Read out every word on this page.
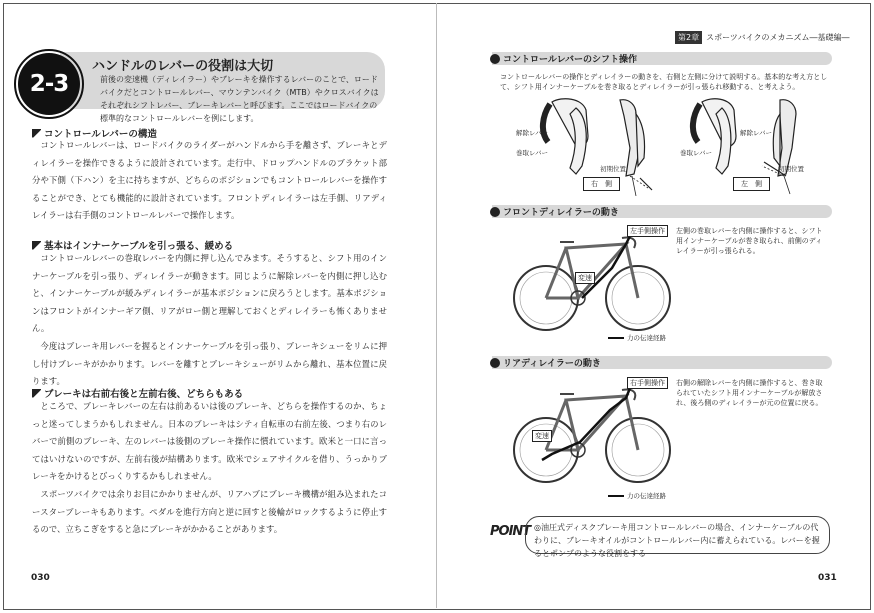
第2章 スポーツバイクのメカニズム―基礎編―
2-3
ハンドルのレバーの役割は大切
前後の変速機（ディレイラー）やブレーキを操作するレバーのことで、ロードバイクだとコントロールレバー、マウンテンバイク（MTB）やクロスバイクはそれぞれシフトレバー、ブレーキレバーと呼びます。ここではロードバイクの標準的なコントロールレバーを例にします。
コントロールレバーの構造

コントロールレバーは、ロードバイクのライダーがハンドルから手を離さず、ブレーキとディレイラーを操作できるように設計されています。走行中、ドロップハンドルのブラケット部分や下側（下ハン）を主に持ちますが、どちらのポジションでもコントロールレバーを操作することができ、とても機能的に設計されています。フロントディレイラーは左手側、リアディレイラーは右手側のコントロールレバーで操作します。

基本はインナーケーブルを引っ張る、緩める

コントロールレバーの巻取レバーを内側に押し込んでみます。そうすると、シフト用のインナーケーブルを引っ張り、ディレイラーが動きます。同じように解除レバーを内側に押し込むと、インナーケーブルが緩みディレイラーが基本ポジションに戻ろうとします。基本ポジションはフロントがインナーギア側、リアがロー側と理解しておくとディレイラーも怖くありません。

今度はブレーキ用レバーを握るとインナーケーブルを引っ張り、ブレーキシューをリムに押し付けブレーキがかかります。レバーを離すとブレーキシューがリムから離れ、基本位置に戻ります。

ブレーキは右前右後と左前右後、どちらもある

ところで、ブレーキレバーの左右は前あるいは後のブレーキ、どちらを操作するのか、ちょっと迷ってしまうかもしれません。日本のブレーキはシティ自転車の右前左後、つまり右のレバーで前側のブレーキ、左のレバーは後側のブレーキ操作に慣れています。欧米と一口に言ってはいけないのですが、左前右後が結構あります。欧米でシェアサイクルを借り、うっかりブレーキをかけるとびっくりするかもしれません。

スポーツバイクでは余りお目にかかりませんが、リアハブにブレーキ機構が組み込まれたコースターブレーキもあります。ペダルを進行方向と逆に回すと後輪がロックするように停止するので、立ちこぎをすると急にブレーキがかかることがあります。

030
コントロールレバーのシフト操作
コントロールレバーの操作とディレイラーの動きを、右側と左側に分けて説明する。基本的な考え方として、シフト用インナーケーブルを巻き取るとディレイラーが引っ張られ移動する、と考えよう。
解除レバー
巻取レバー
初期位置
右　側
解除レバー
巻取レバー
初期位置
左　側
フロントディレイラーの動き
左手側操作
変速
左側の巻取レバーを内側に操作すると、シフト用インナーケーブルが巻き取られ、前側のディレイラーが引っ張られる。
力の伝達経路
リアディレイラーの動き
右手側操作
変速
右側の解除レバーを内側に操作すると、巻き取られていたシフト用インナーケーブルが解放され、後ろ側のディレイラーが元の位置に戻る。
力の伝達経路
POINT ◎油圧式ディスクブレーキ用コントロールレバーの場合、インナーケーブルの代わりに、ブレーキオイルがコントロールレバー内に蓄えられている。レバーを握るとポンプのような役割をする
031
